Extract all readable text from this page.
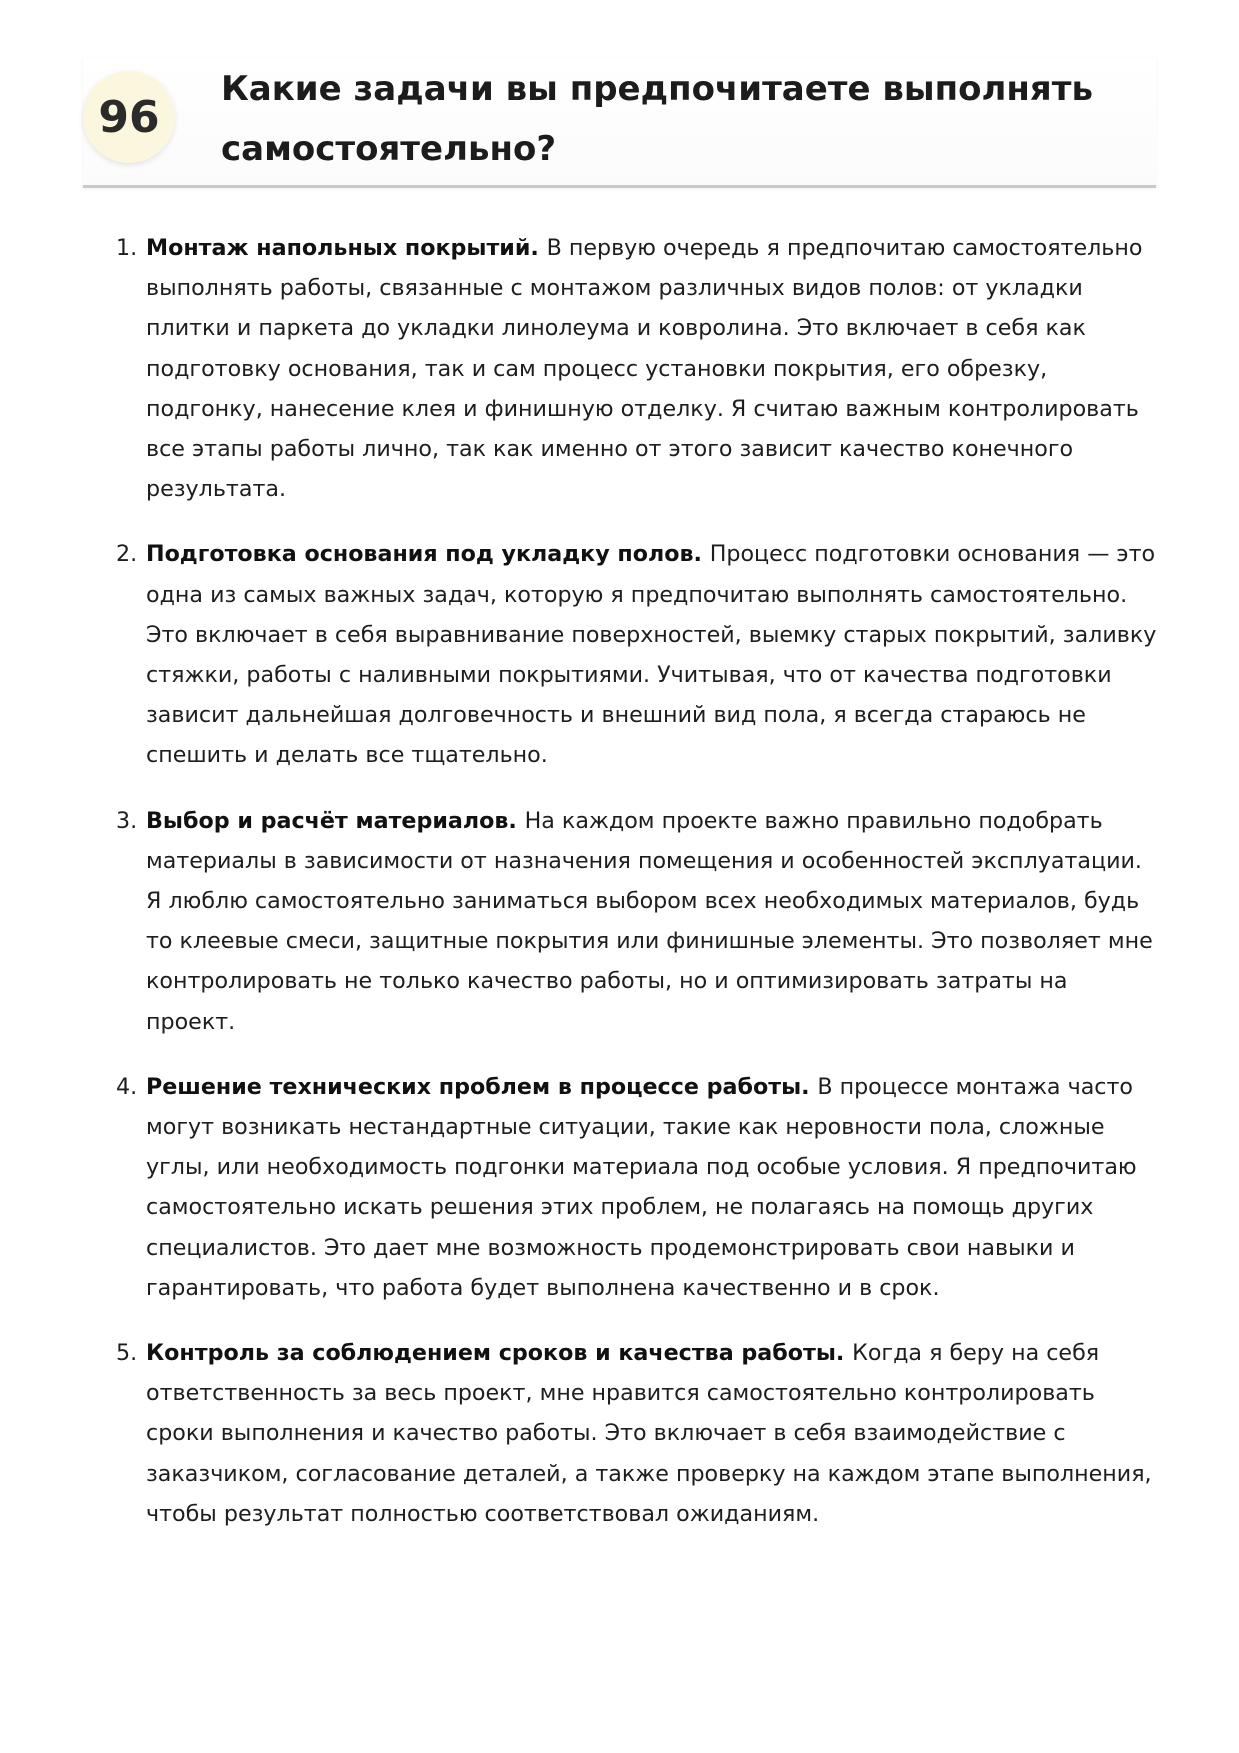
96
Какие задачи вы предпочитаете выполнять самостоятельно?
1. Монтаж напольных покрытий. В первую очередь я предпочитаю самостоятельно выполнять работы, связанные с монтажом различных видов полов: от укладки плитки и паркета до укладки линолеума и ковролина. Это включает в себя как подготовку основания, так и сам процесс установки покрытия, его обрезку, подгонку, нанесение клея и финишную отделку. Я считаю важным контролировать все этапы работы лично, так как именно от этого зависит качество конечного результата.
2. Подготовка основания под укладку полов. Процесс подготовки основания — это одна из самых важных задач, которую я предпочитаю выполнять самостоятельно. Это включает в себя выравнивание поверхностей, выемку старых покрытий, заливку стяжки, работы с наливными покрытиями. Учитывая, что от качества подготовки зависит дальнейшая долговечность и внешний вид пола, я всегда стараюсь не спешить и делать все тщательно.
3. Выбор и расчёт материалов. На каждом проекте важно правильно подобрать материалы в зависимости от назначения помещения и особенностей эксплуатации. Я люблю самостоятельно заниматься выбором всех необходимых материалов, будь то клеевые смеси, защитные покрытия или финишные элементы. Это позволяет мне контролировать не только качество работы, но и оптимизировать затраты на проект.
4. Решение технических проблем в процессе работы. В процессе монтажа часто могут возникать нестандартные ситуации, такие как неровности пола, сложные углы, или необходимость подгонки материала под особые условия. Я предпочитаю самостоятельно искать решения этих проблем, не полагаясь на помощь других специалистов. Это дает мне возможность продемонстрировать свои навыки и гарантировать, что работа будет выполнена качественно и в срок.
5. Контроль за соблюдением сроков и качества работы. Когда я беру на себя ответственность за весь проект, мне нравится самостоятельно контролировать сроки выполнения и качество работы. Это включает в себя взаимодействие с заказчиком, согласование деталей, а также проверку на каждом этапе выполнения, чтобы результат полностью соответствовал ожиданиям.
